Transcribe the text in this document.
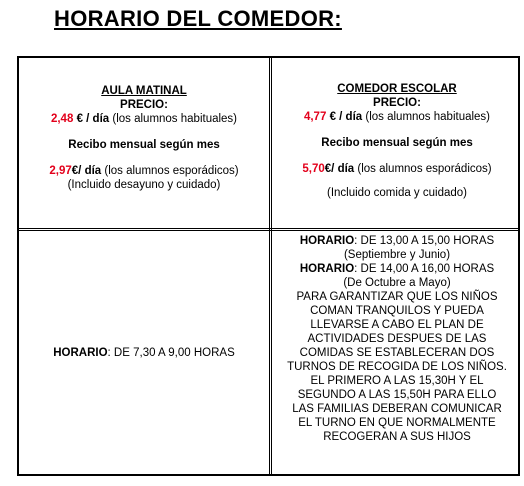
HORARIO DEL COMEDOR:
AULA MATINAL
PRECIO:
2,48 € / día (los alumnos habituales)
Recibo mensual según mes
2,97€/ día (los alumnos esporádicos)
(Incluido desayuno y cuidado)
COMEDOR ESCOLAR
PRECIO:
4,77 € / día (los alumnos habituales)
Recibo mensual según mes
5,70€/ día (los alumnos esporádicos)
(Incluido comida y cuidado)
HORARIO: DE 7,30 A 9,00 HORAS
HORARIO: DE 13,00 A 15,00 HORAS
(Septiembre y Junio)
HORARIO: DE 14,00 A 16,00 HORAS
(De Octubre a Mayo)
PARA GARANTIZAR QUE LOS NIÑOS
COMAN TRANQUILOS Y PUEDA
LLEVARSE A CABO EL PLAN DE
ACTIVIDADES DESPUES DE LAS
COMIDAS SE ESTABLECERAN DOS
TURNOS DE RECOGIDA DE LOS NIÑOS.
EL PRIMERO A LAS 15,30H Y EL
SEGUNDO A LAS 15,50H PARA ELLO
LAS FAMILIAS DEBERAN COMUNICAR
EL TURNO EN QUE NORMALMENTE
RECOGERAN A SUS HIJOS
